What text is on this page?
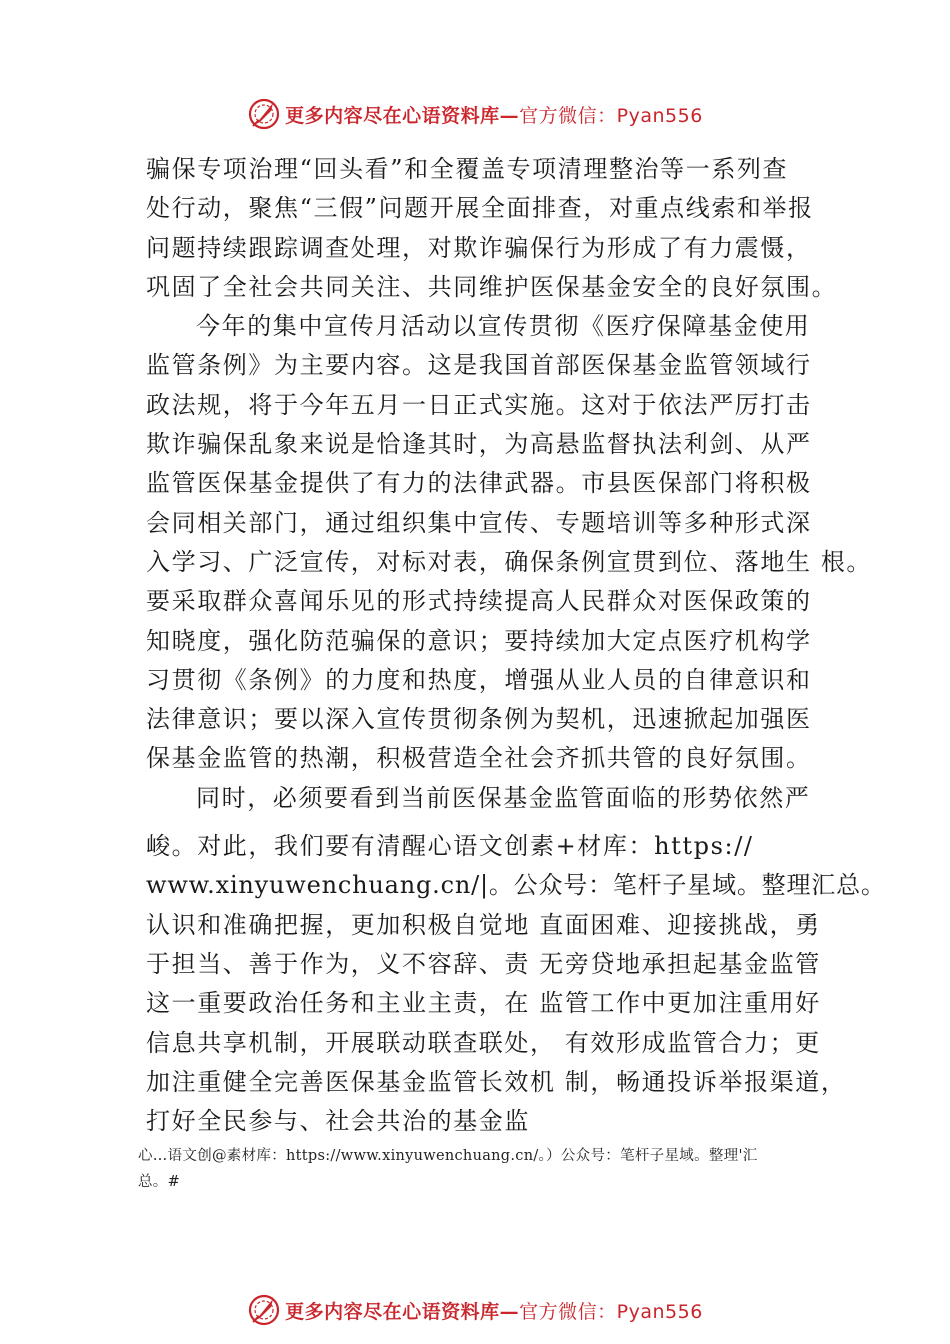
更多内容尽在心语资料库— 官方微信：Pyan556
骗保专项治理“回头看”和全覆盖专项清理整治等一系列查
处行动，聚焦“三假”问题开展全面排查，对重点线索和举报
问题持续跟踪调查处理，对欺诈骗保行为形成了有力震慑，
巩固了全社会共同关注、共同维护医保基金安全的良好氛围。
今年的集中宣传月活动以宣传贯彻《医疗保障基金使用
监管条例》为主要内容。这是我国首部医保基金监管领域行
政法规，将于今年五月一日正式实施。这对于依法严厉打击
欺诈骗保乱象来说是恰逢其时，为高悬监督执法利剑、从严
监管医保基金提供了有力的法律武器。市县医保部门将积极
会同相关部门，通过组织集中宣传、专题培训等多种形式深
入学习、广泛宣传，对标对表，确保条例宣贯到位、落地生 根。
要采取群众喜闻乐见的形式持续提高人民群众对医保政策的
知晓度，强化防范骗保的意识；要持续加大定点医疗机构学
习贯彻《条例》的力度和热度，增强从业人员的自律意识和
法律意识；要以深入宣传贯彻条例为契机，迅速掀起加强医
保基金监管的热潮，积极营造全社会齐抓共管的良好氛围。
同时，必须要看到当前医保基金监管面临的形势依然严
峻。对此，我们要有清醒心语文创素+材库：https://
www.xinyuwenchuang.cn/|。公众号：笔杆子星域。整理汇总。
认识和准确把握，更加积极自觉地 直面困难、迎接挑战，勇
于担当、善于作为，义不容辞、责 无旁贷地承担起基金监管
这一重要政治任务和主业主责，在 监管工作中更加注重用好
信息共享机制，开展联动联查联处， 有效形成监管合力；更
加注重健全完善医保基金监管长效机 制，畅通投诉举报渠道，
打好全民参与、社会共治的基金监
心…语文创@素材库：https://www.xinyuwenchuang.cn/。）公众号：笔杆子星域。整理'汇
总。#
更多内容尽在心语资料库— 官方微信：Pyan556
